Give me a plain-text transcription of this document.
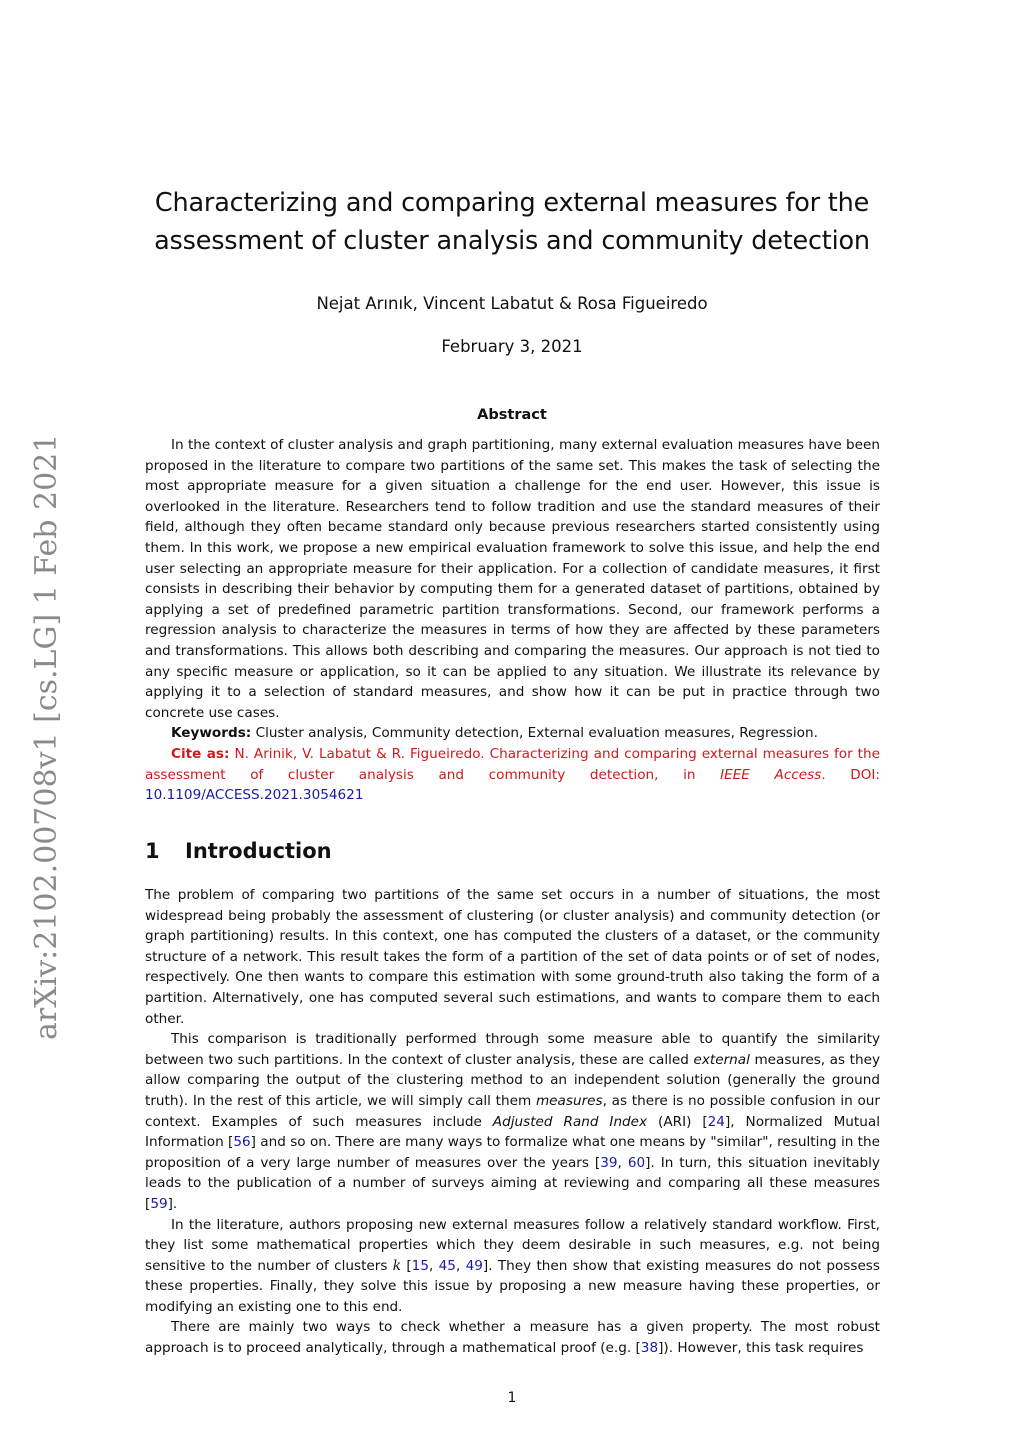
arXiv:2102.00708v1 [cs.LG] 1 Feb 2021
Characterizing and comparing external measures for the assessment of cluster analysis and community detection
Nejat Arınık, Vincent Labatut & Rosa Figueiredo
February 3, 2021
Abstract

In the context of cluster analysis and graph partitioning, many external evaluation measures have been proposed in the literature to compare two partitions of the same set. This makes the task of selecting the most appropriate measure for a given situation a challenge for the end user. However, this issue is overlooked in the literature. Researchers tend to follow tradition and use the standard measures of their field, although they often became standard only because previous researchers started consistently using them. In this work, we propose a new empirical evaluation framework to solve this issue, and help the end user selecting an appropriate measure for their application. For a collection of candidate measures, it first consists in describing their behavior by computing them for a generated dataset of partitions, obtained by applying a set of predefined parametric partition transformations. Second, our framework performs a regression analysis to characterize the measures in terms of how they are affected by these parameters and transformations. This allows both describing and comparing the measures. Our approach is not tied to any specific measure or application, so it can be applied to any situation. We illustrate its relevance by applying it to a selection of standard measures, and show how it can be put in practice through two concrete use cases.

Keywords: Cluster analysis, Community detection, External evaluation measures, Regression.

Cite as: N. Arinik, V. Labatut & R. Figueiredo. Characterizing and comparing external measures for the assessment of cluster analysis and community detection, in IEEE Access. DOI: 10.1109/ACCESS.2021.3054621

1 Introduction

The problem of comparing two partitions of the same set occurs in a number of situations, the most widespread being probably the assessment of clustering (or cluster analysis) and community detection (or graph partitioning) results. In this context, one has computed the clusters of a dataset, or the community structure of a network. This result takes the form of a partition of the set of data points or of set of nodes, respectively. One then wants to compare this estimation with some ground-truth also taking the form of a partition. Alternatively, one has computed several such estimations, and wants to compare them to each other.

This comparison is traditionally performed through some measure able to quantify the similarity between two such partitions. In the context of cluster analysis, these are called external measures, as they allow comparing the output of the clustering method to an independent solution (generally the ground truth). In the rest of this article, we will simply call them measures, as there is no possible confusion in our context. Examples of such measures include Adjusted Rand Index (ARI) [24], Normalized Mutual Information [56] and so on. There are many ways to formalize what one means by "similar", resulting in the proposition of a very large number of measures over the years [39, 60]. In turn, this situation inevitably leads to the publication of a number of surveys aiming at reviewing and comparing all these measures [59].

In the literature, authors proposing new external measures follow a relatively standard workflow. First, they list some mathematical properties which they deem desirable in such measures, e.g. not being sensitive to the number of clusters k [15, 45, 49]. They then show that existing measures do not possess these properties. Finally, they solve this issue by proposing a new measure having these properties, or modifying an existing one to this end.

There are mainly two ways to check whether a measure has a given property. The most robust approach is to proceed analytically, through a mathematical proof (e.g. [38]). However, this task requires

1
